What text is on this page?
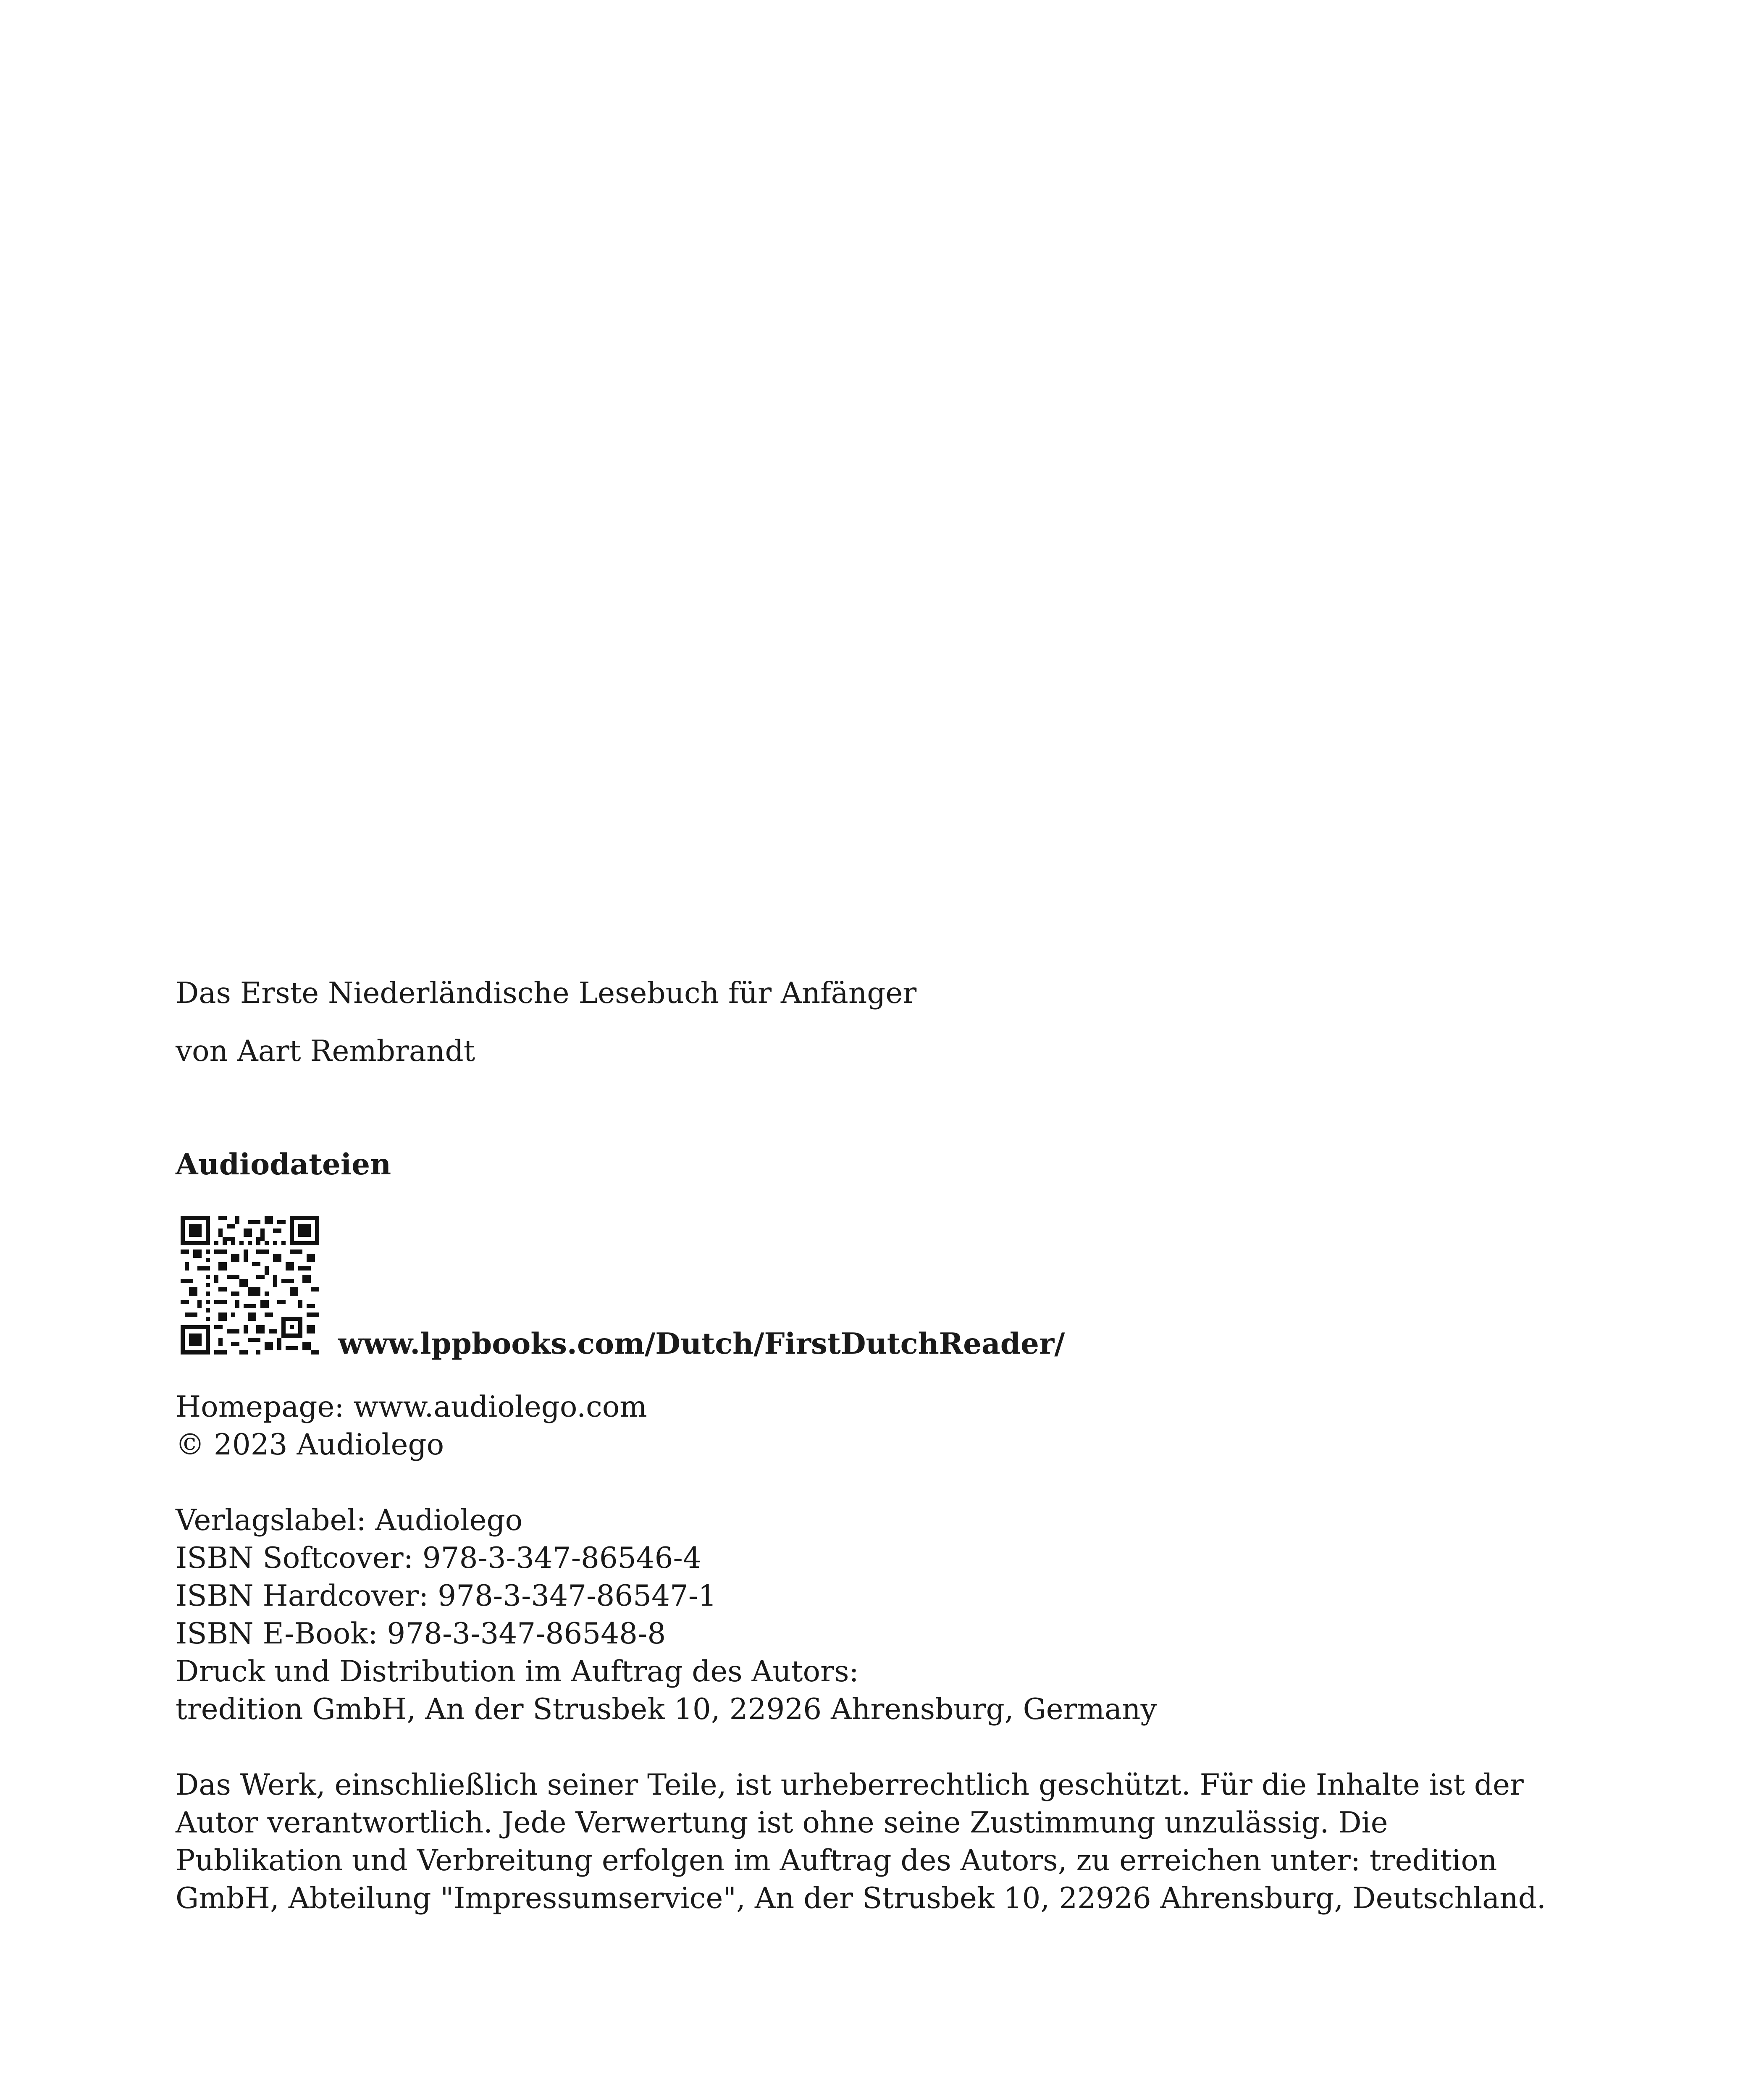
Das Erste Niederländische Lesebuch für Anfänger
von Aart Rembrandt
Audiodateien
www.lppbooks.com/Dutch/FirstDutchReader/
Homepage: www.audiolego.com
© 2023 Audiolego
Verlagslabel: Audiolego
ISBN Softcover: 978-3-347-86546-4
ISBN Hardcover: 978-3-347-86547-1
ISBN E-Book: 978-3-347-86548-8
Druck und Distribution im Auftrag des Autors:
tredition GmbH, An der Strusbek 10, 22926 Ahrensburg, Germany
Das Werk, einschließlich seiner Teile, ist urheberrechtlich geschützt. Für die Inhalte ist der
Autor verantwortlich. Jede Verwertung ist ohne seine Zustimmung unzulässig. Die
Publikation und Verbreitung erfolgen im Auftrag des Autors, zu erreichen unter: tredition
GmbH, Abteilung "Impressumservice", An der Strusbek 10, 22926 Ahrensburg, Deutschland.
